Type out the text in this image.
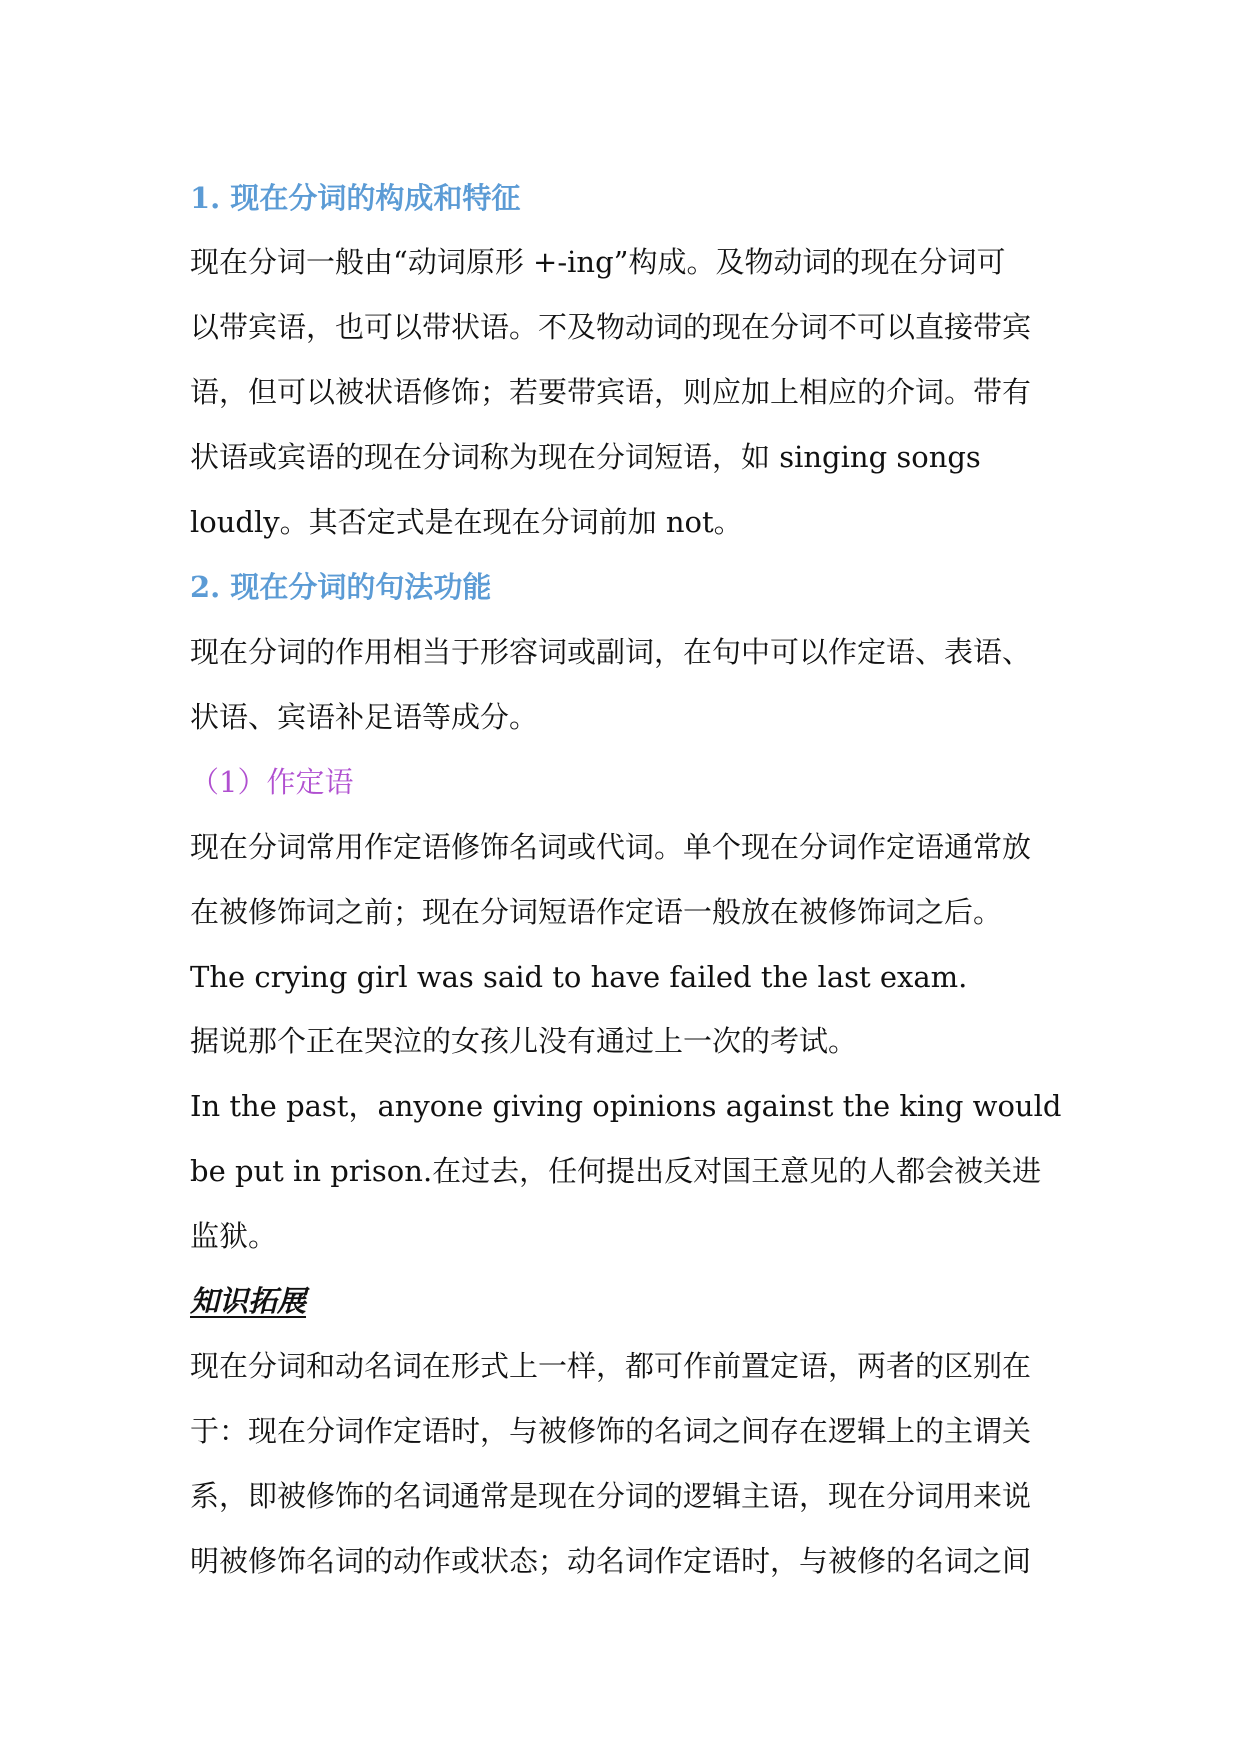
1. 现在分词的构成和特征
现在分词一般由“动词原形 +-ing”构成。及物动词的现在分词可
以带宾语，也可以带状语。不及物动词的现在分词不可以直接带宾
语，但可以被状语修饰；若要带宾语，则应加上相应的介词。带有
状语或宾语的现在分词称为现在分词短语，如 singing songs
loudly。其否定式是在现在分词前加 not。
2. 现在分词的句法功能
现在分词的作用相当于形容词或副词，在句中可以作定语、表语、
状语、宾语补足语等成分。
（1）作定语
现在分词常用作定语修饰名词或代词。单个现在分词作定语通常放
在被修饰词之前；现在分词短语作定语一般放在被修饰词之后。
The crying girl was said to have failed the last exam.
据说那个正在哭泣的女孩儿没有通过上一次的考试。
In the past，anyone giving opinions against the king would
be put in prison.在过去，任何提出反对国王意见的人都会被关进
监狱。
知识拓展
现在分词和动名词在形式上一样，都可作前置定语，两者的区别在
于：现在分词作定语时，与被修饰的名词之间存在逻辑上的主谓关
系，即被修饰的名词通常是现在分词的逻辑主语，现在分词用来说
明被修饰名词的动作或状态；动名词作定语时，与被修的名词之间
